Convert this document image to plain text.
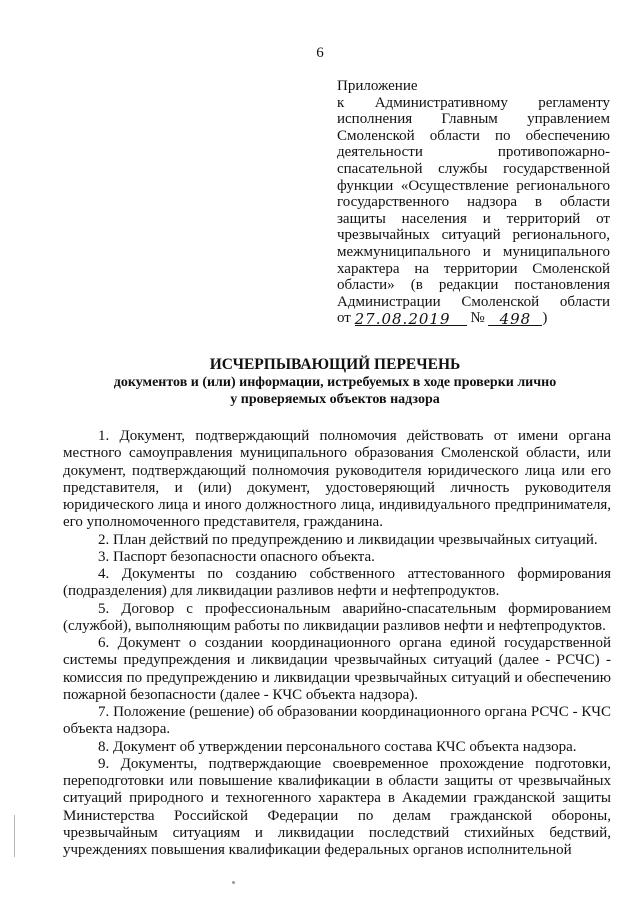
6
Приложение
к Административному регламенту
исполнения Главным управлением
Смоленской области по обеспечению
деятельности противопожарно-
спасательной службы государственной
функции «Осуществление регионального
государственного надзора в области
защиты населения и территорий от
чрезвычайных ситуаций регионального,
межмуниципального и муниципального
характера на территории Смоленской
области» (в редакции постановления
Администрации Смоленской области
от 27.08.2019 № 498 )
ИСЧЕРПЫВАЮЩИЙ ПЕРЕЧЕНЬ
документов и (или) информации, истребуемых в ходе проверки лично
у проверяемых объектов надзора

1. Документ, подтверждающий полномочия действовать от имени органа местного самоуправления муниципального образования Смоленской области, или документ, подтверждающий полномочия руководителя юридического лица или его представителя, и (или) документ, удостоверяющий личность руководителя юридического лица и иного должностного лица, индивидуального предпринимателя, его уполномоченного представителя, гражданина.

2. План действий по предупреждению и ликвидации чрезвычайных ситуаций.

3. Паспорт безопасности опасного объекта.

4. Документы по созданию собственного аттестованного формирования (подразделения) для ликвидации разливов нефти и нефтепродуктов.

5. Договор с профессиональным аварийно-спасательным формированием (службой), выполняющим работы по ликвидации разливов нефти и нефтепродуктов.

6. Документ о создании координационного органа единой государственной системы предупреждения и ликвидации чрезвычайных ситуаций (далее - РСЧС) - комиссия по предупреждению и ликвидации чрезвычайных ситуаций и обеспечению пожарной безопасности (далее - КЧС объекта надзора).

7. Положение (решение) об образовании координационного органа РСЧС - КЧС объекта надзора.

8. Документ об утверждении персонального состава КЧС объекта надзора.

9. Документы, подтверждающие своевременное прохождение подготовки, переподготовки или повышение квалификации в области защиты от чрезвычайных ситуаций природного и техногенного характера в Академии гражданской защиты Министерства Российской Федерации по делам гражданской обороны, чрезвычайным ситуациям и ликвидации последствий стихийных бедствий, учреждениях повышения квалификации федеральных органов исполнительной
